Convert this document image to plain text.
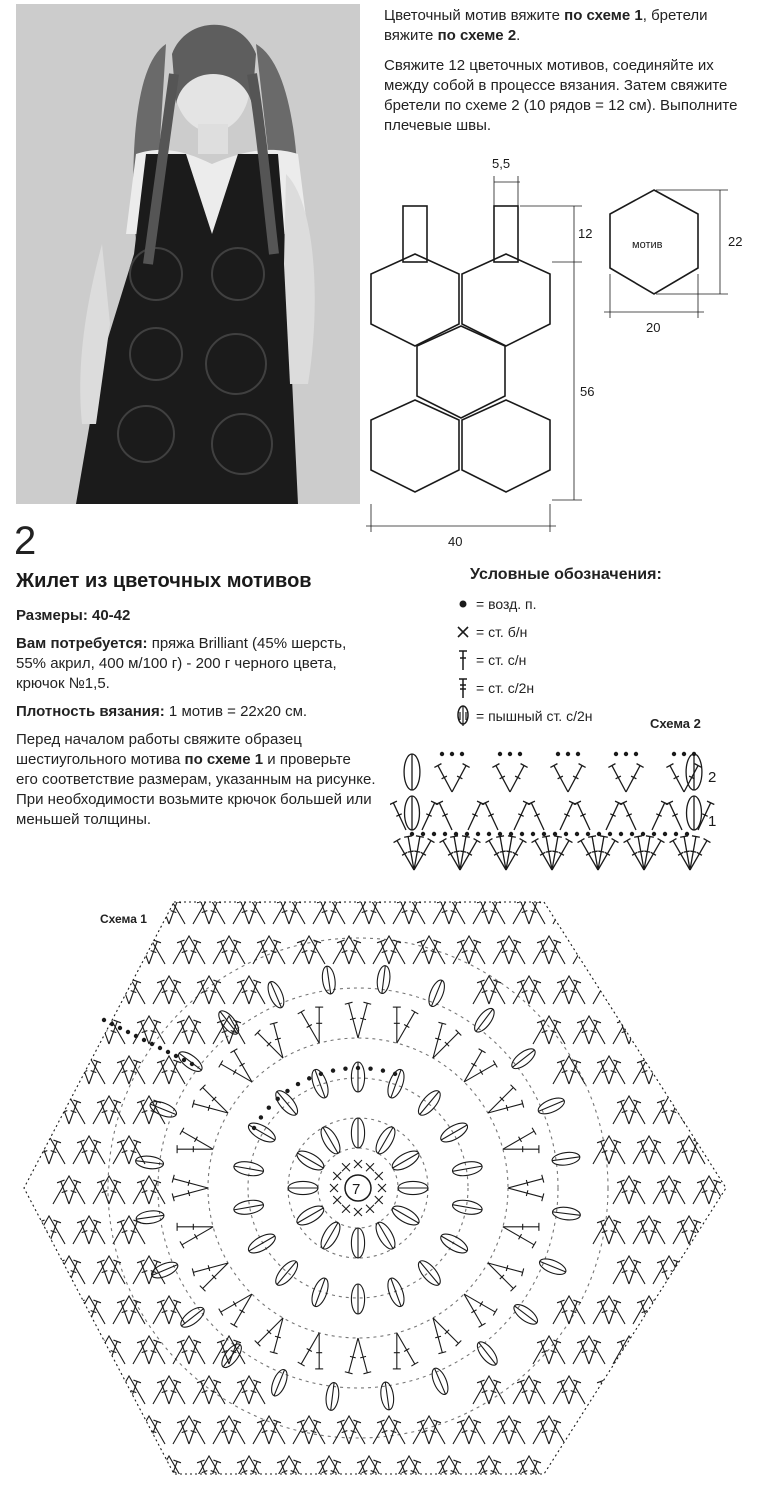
Цветочный мотив вяжите по схеме 1, бретели вяжите по схеме 2.

Свяжите 12 цветочных мотивов, соединяйте их между собой в процессе вязания. Затем свяжите бретели по схеме 2 (10 рядов = 12 см). Выполните плечевые швы.

5,5
12
56
40
мотив	22
20
2
Жилет из цветочных мотивов

Размеры: 40-42

Вам потребуется: пряжа Brilliant (45% шерсть, 55% акрил, 400 м/100 г) - 200 г черного цвета, крючок №1,5.

Плотность вязания: 1 мотив = 22х20 см.

Перед началом работы свяжите образец шестиугольного мотива по схеме 1 и проверьте его соответствие размерам, указанным на рисунке. При необходимости возьмите крючок большей или меньшей толщины.

Условные обозначения:
= возд. п.
= ст. б/н
= ст. с/н
= ст. с/2н
= пышный ст. с/2н	Схема 2
2
1
7
Схема 1
